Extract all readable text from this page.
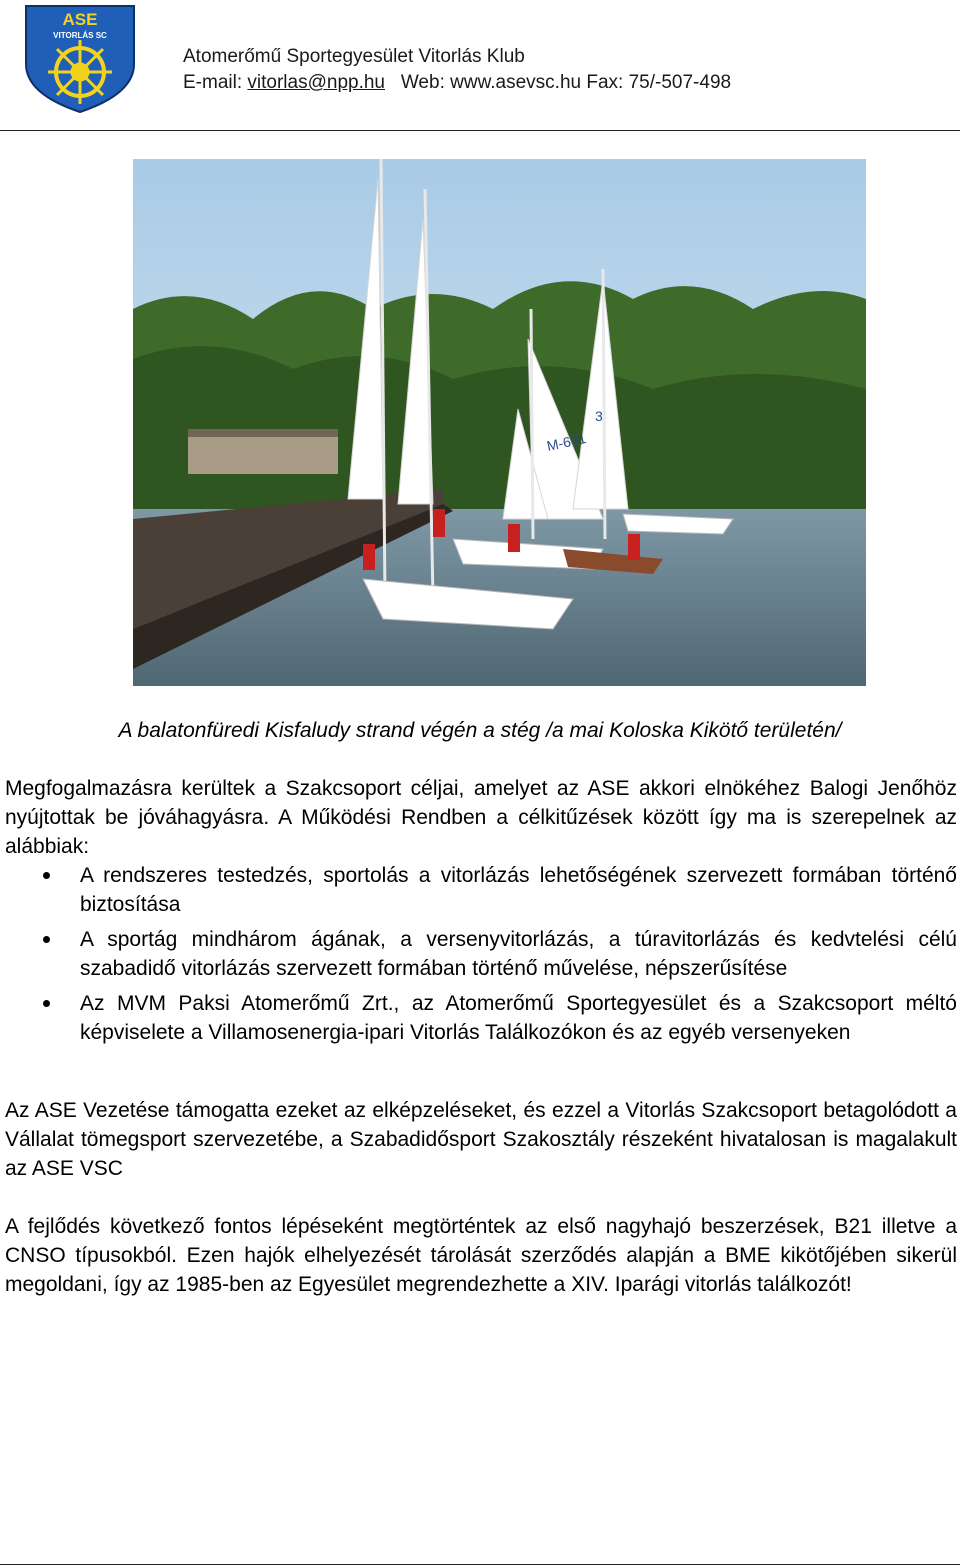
ASE
VITORLÁS SC
Atomerőmű Sportegyesület Vitorlás Klub
E-mail: vitorlas@npp.hu Web: www.asevsc.hu Fax: 75/-507-498
M-601
3
A balatonfüredi Kisfaludy strand végén a stég /a mai Koloska Kikötő területén/
Megfogalmazásra kerültek a Szakcsoport céljai, amelyet az ASE akkori elnökéhez Balogi Jenőhöz nyújtottak be jóváhagyásra. A Működési Rendben a célkitűzések között így ma is szerepelnek az alábbiak:
A rendszeres testedzés, sportolás a vitorlázás lehetőségének szervezett formában történő biztosítása
A sportág mindhárom ágának, a versenyvitorlázás, a túravitorlázás és kedvtelési célú szabadidő vitorlázás szervezett formában történő művelése, népszerűsítése
Az MVM Paksi Atomerőmű Zrt., az Atomerőmű Sportegyesület és a Szakcsoport méltó képviselete a Villamosenergia-ipari Vitorlás Találkozókon és az egyéb versenyeken
Az ASE Vezetése támogatta ezeket az elképzeléseket, és ezzel a Vitorlás Szakcsoport betagolódott a Vállalat tömegsport szervezetébe, a Szabadidősport Szakosztály részeként hivatalosan is magalakult az ASE VSC
A fejlődés következő fontos lépéseként megtörténtek az első nagyhajó beszerzések, B21 illetve a CNSO típusokból. Ezen hajók elhelyezését tárolását szerződés alapján a BME kikötőjében sikerül megoldani, így az 1985-ben az Egyesület megrendezhette a XIV. Iparági vitorlás találkozót!
